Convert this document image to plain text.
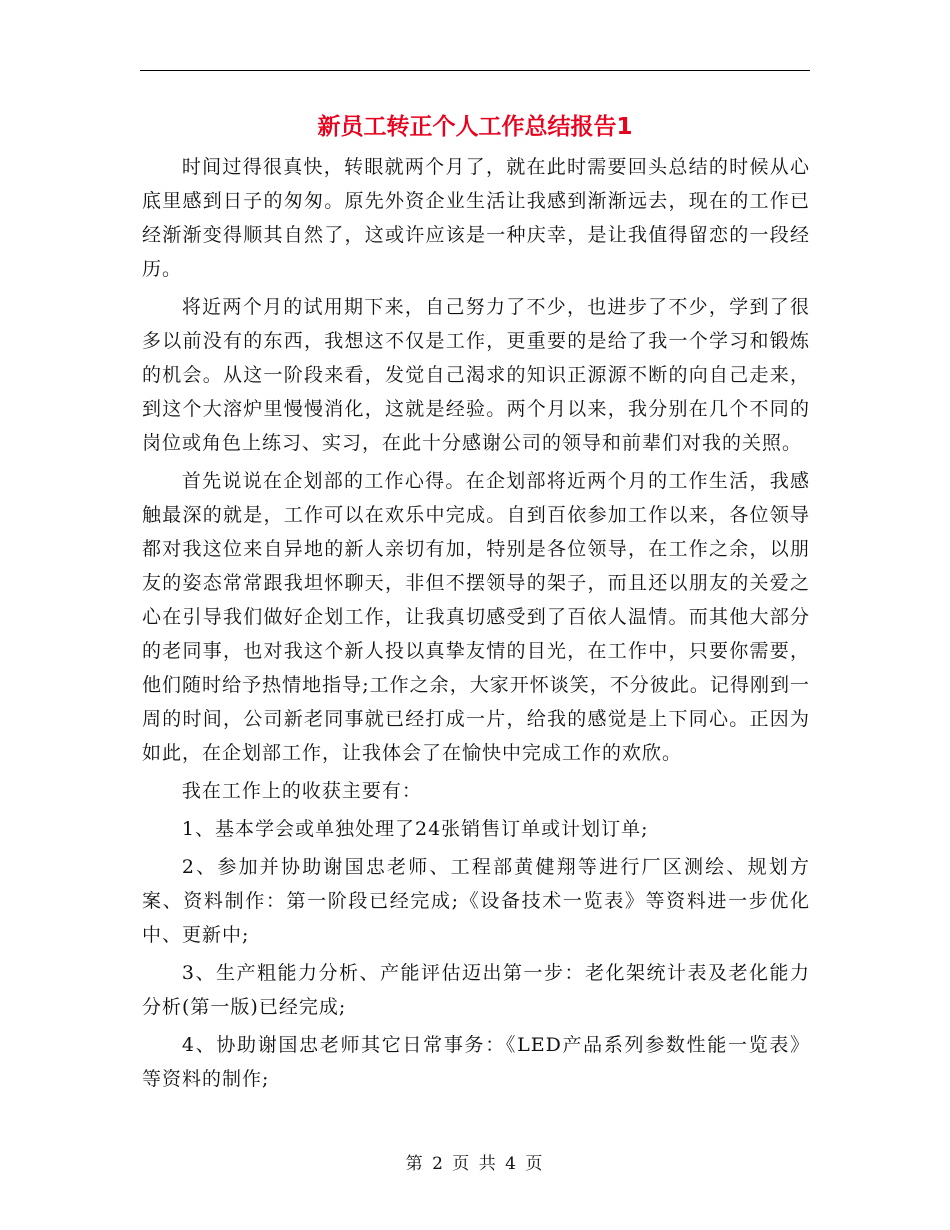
新员工转正个人工作总结报告1

时间过得很真快，转眼就两个月了，就在此时需要回头总结的时候从心底里感到日子的匆匆。原先外资企业生活让我感到渐渐远去，现在的工作已经渐渐变得顺其自然了，这或许应该是一种庆幸，是让我值得留恋的一段经历。

将近两个月的试用期下来，自己努力了不少，也进步了不少，学到了很多以前没有的东西，我想这不仅是工作，更重要的是给了我一个学习和锻炼的机会。从这一阶段来看，发觉自己渴求的知识正源源不断的向自己走来，到这个大溶炉里慢慢消化，这就是经验。两个月以来，我分别在几个不同的岗位或角色上练习、实习，在此十分感谢公司的领导和前辈们对我的关照。

首先说说在企划部的工作心得。在企划部将近两个月的工作生活，我感触最深的就是，工作可以在欢乐中完成。自到百依参加工作以来，各位领导都对我这位来自异地的新人亲切有加，特别是各位领导，在工作之余，以朋友的姿态常常跟我坦怀聊天，非但不摆领导的架子，而且还以朋友的关爱之心在引导我们做好企划工作，让我真切感受到了百依人温情。而其他大部分的老同事，也对我这个新人投以真挚友情的目光，在工作中，只要你需要，他们随时给予热情地指导;工作之余，大家开怀谈笑，不分彼此。记得刚到一周的时间，公司新老同事就已经打成一片，给我的感觉是上下同心。正因为如此，在企划部工作，让我体会了在愉快中完成工作的欢欣。

我在工作上的收获主要有：

1、基本学会或单独处理了24张销售订单或计划订单;

2、参加并协助谢国忠老师、工程部黄健翔等进行厂区测绘、规划方案、资料制作：第一阶段已经完成;《设备技术一览表》等资料进一步优化中、更新中;

3、生产粗能力分析、产能评估迈出第一步：老化架统计表及老化能力分析(第一版)已经完成;

4、协助谢国忠老师其它日常事务：《LED产品系列参数性能一览表》等资料的制作;

第 2 页 共 4 页
